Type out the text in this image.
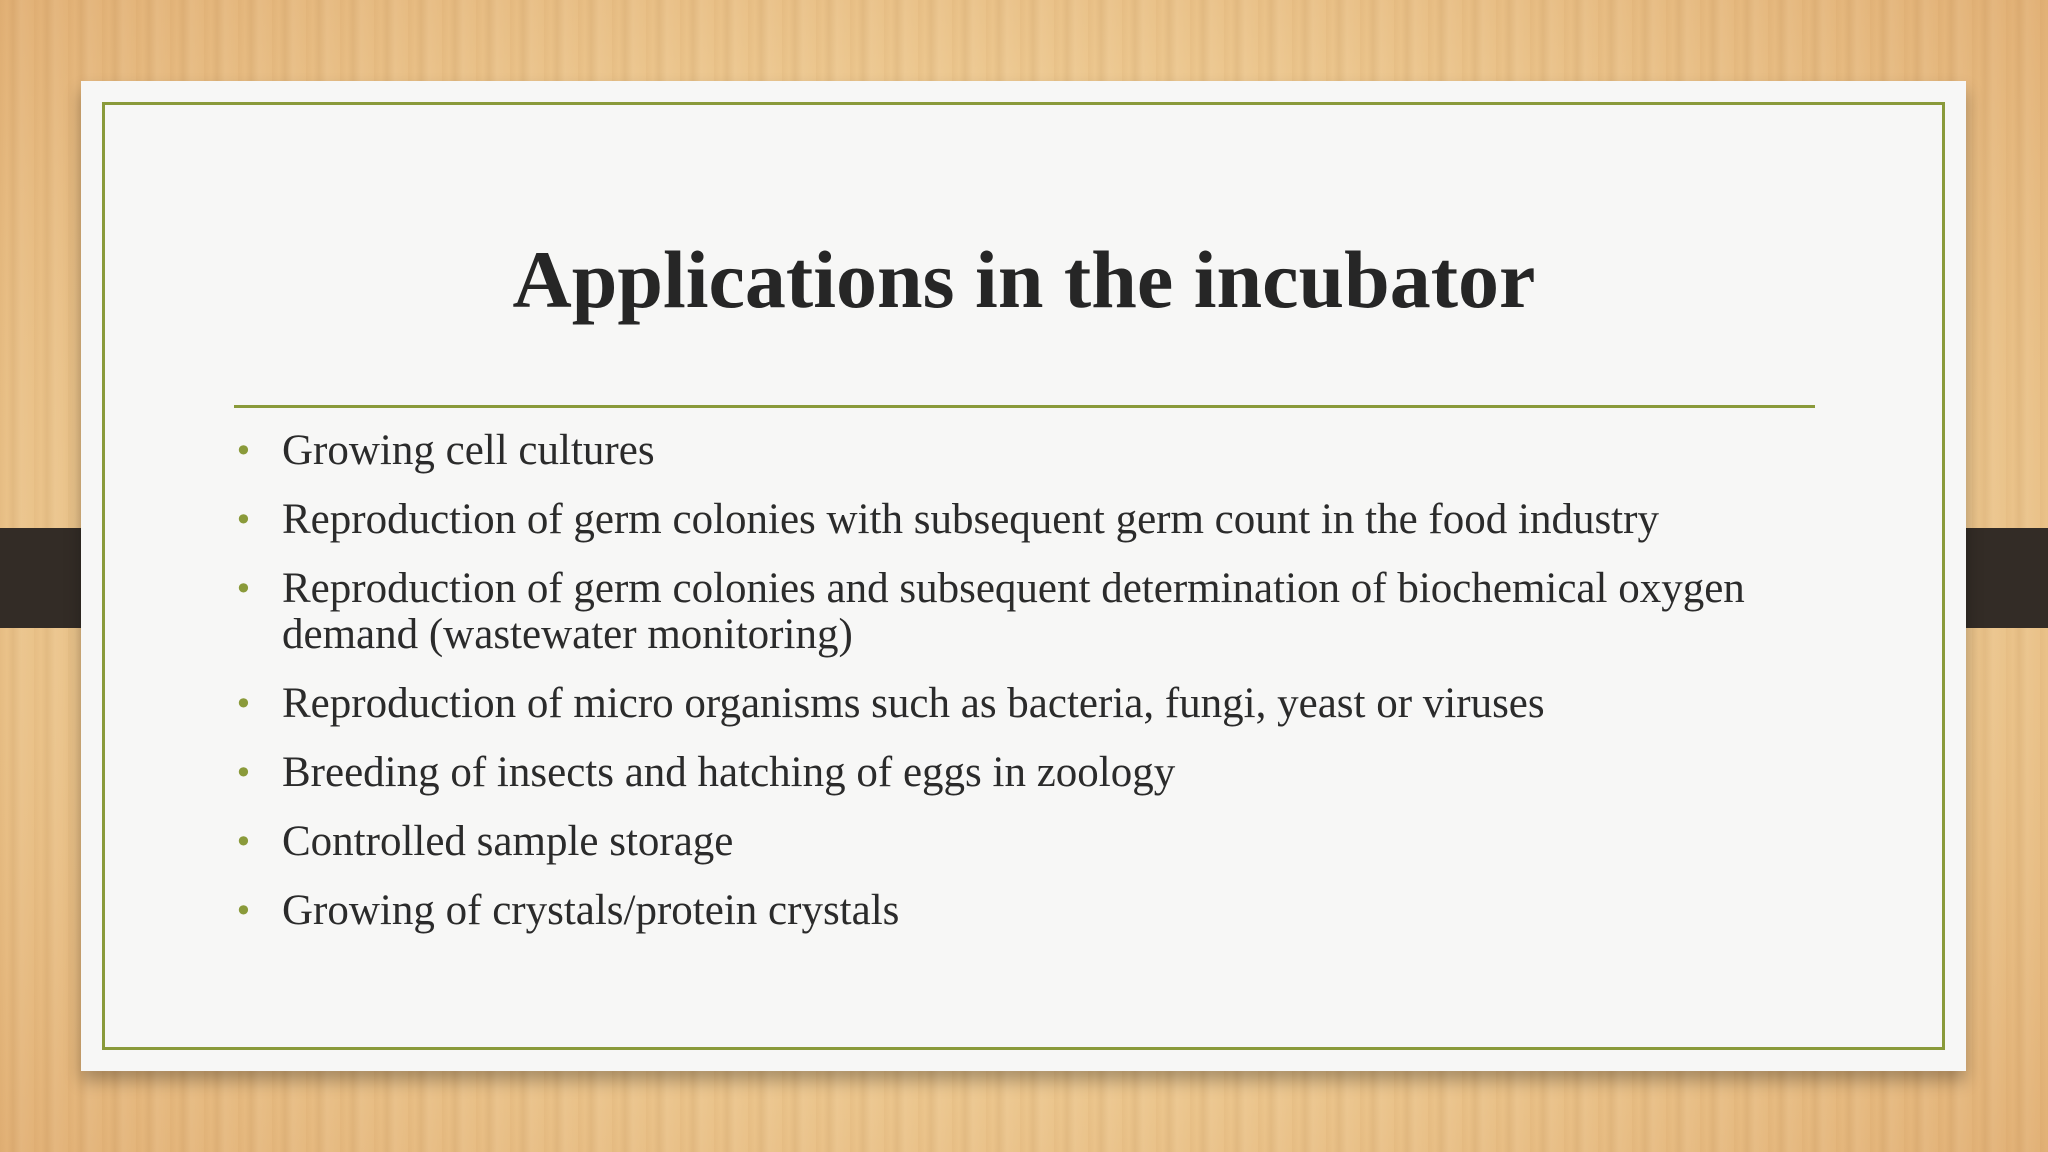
Applications in the incubator
• Growing cell cultures
• Reproduction of germ colonies with subsequent germ count in the food industry
• Reproduction of germ colonies and subsequent determination of biochemical oxygen demand (wastewater monitoring)
• Reproduction of micro organisms such as bacteria, fungi, yeast or viruses
• Breeding of insects and hatching of eggs in zoology
• Controlled sample storage
• Growing of crystals/protein crystals
